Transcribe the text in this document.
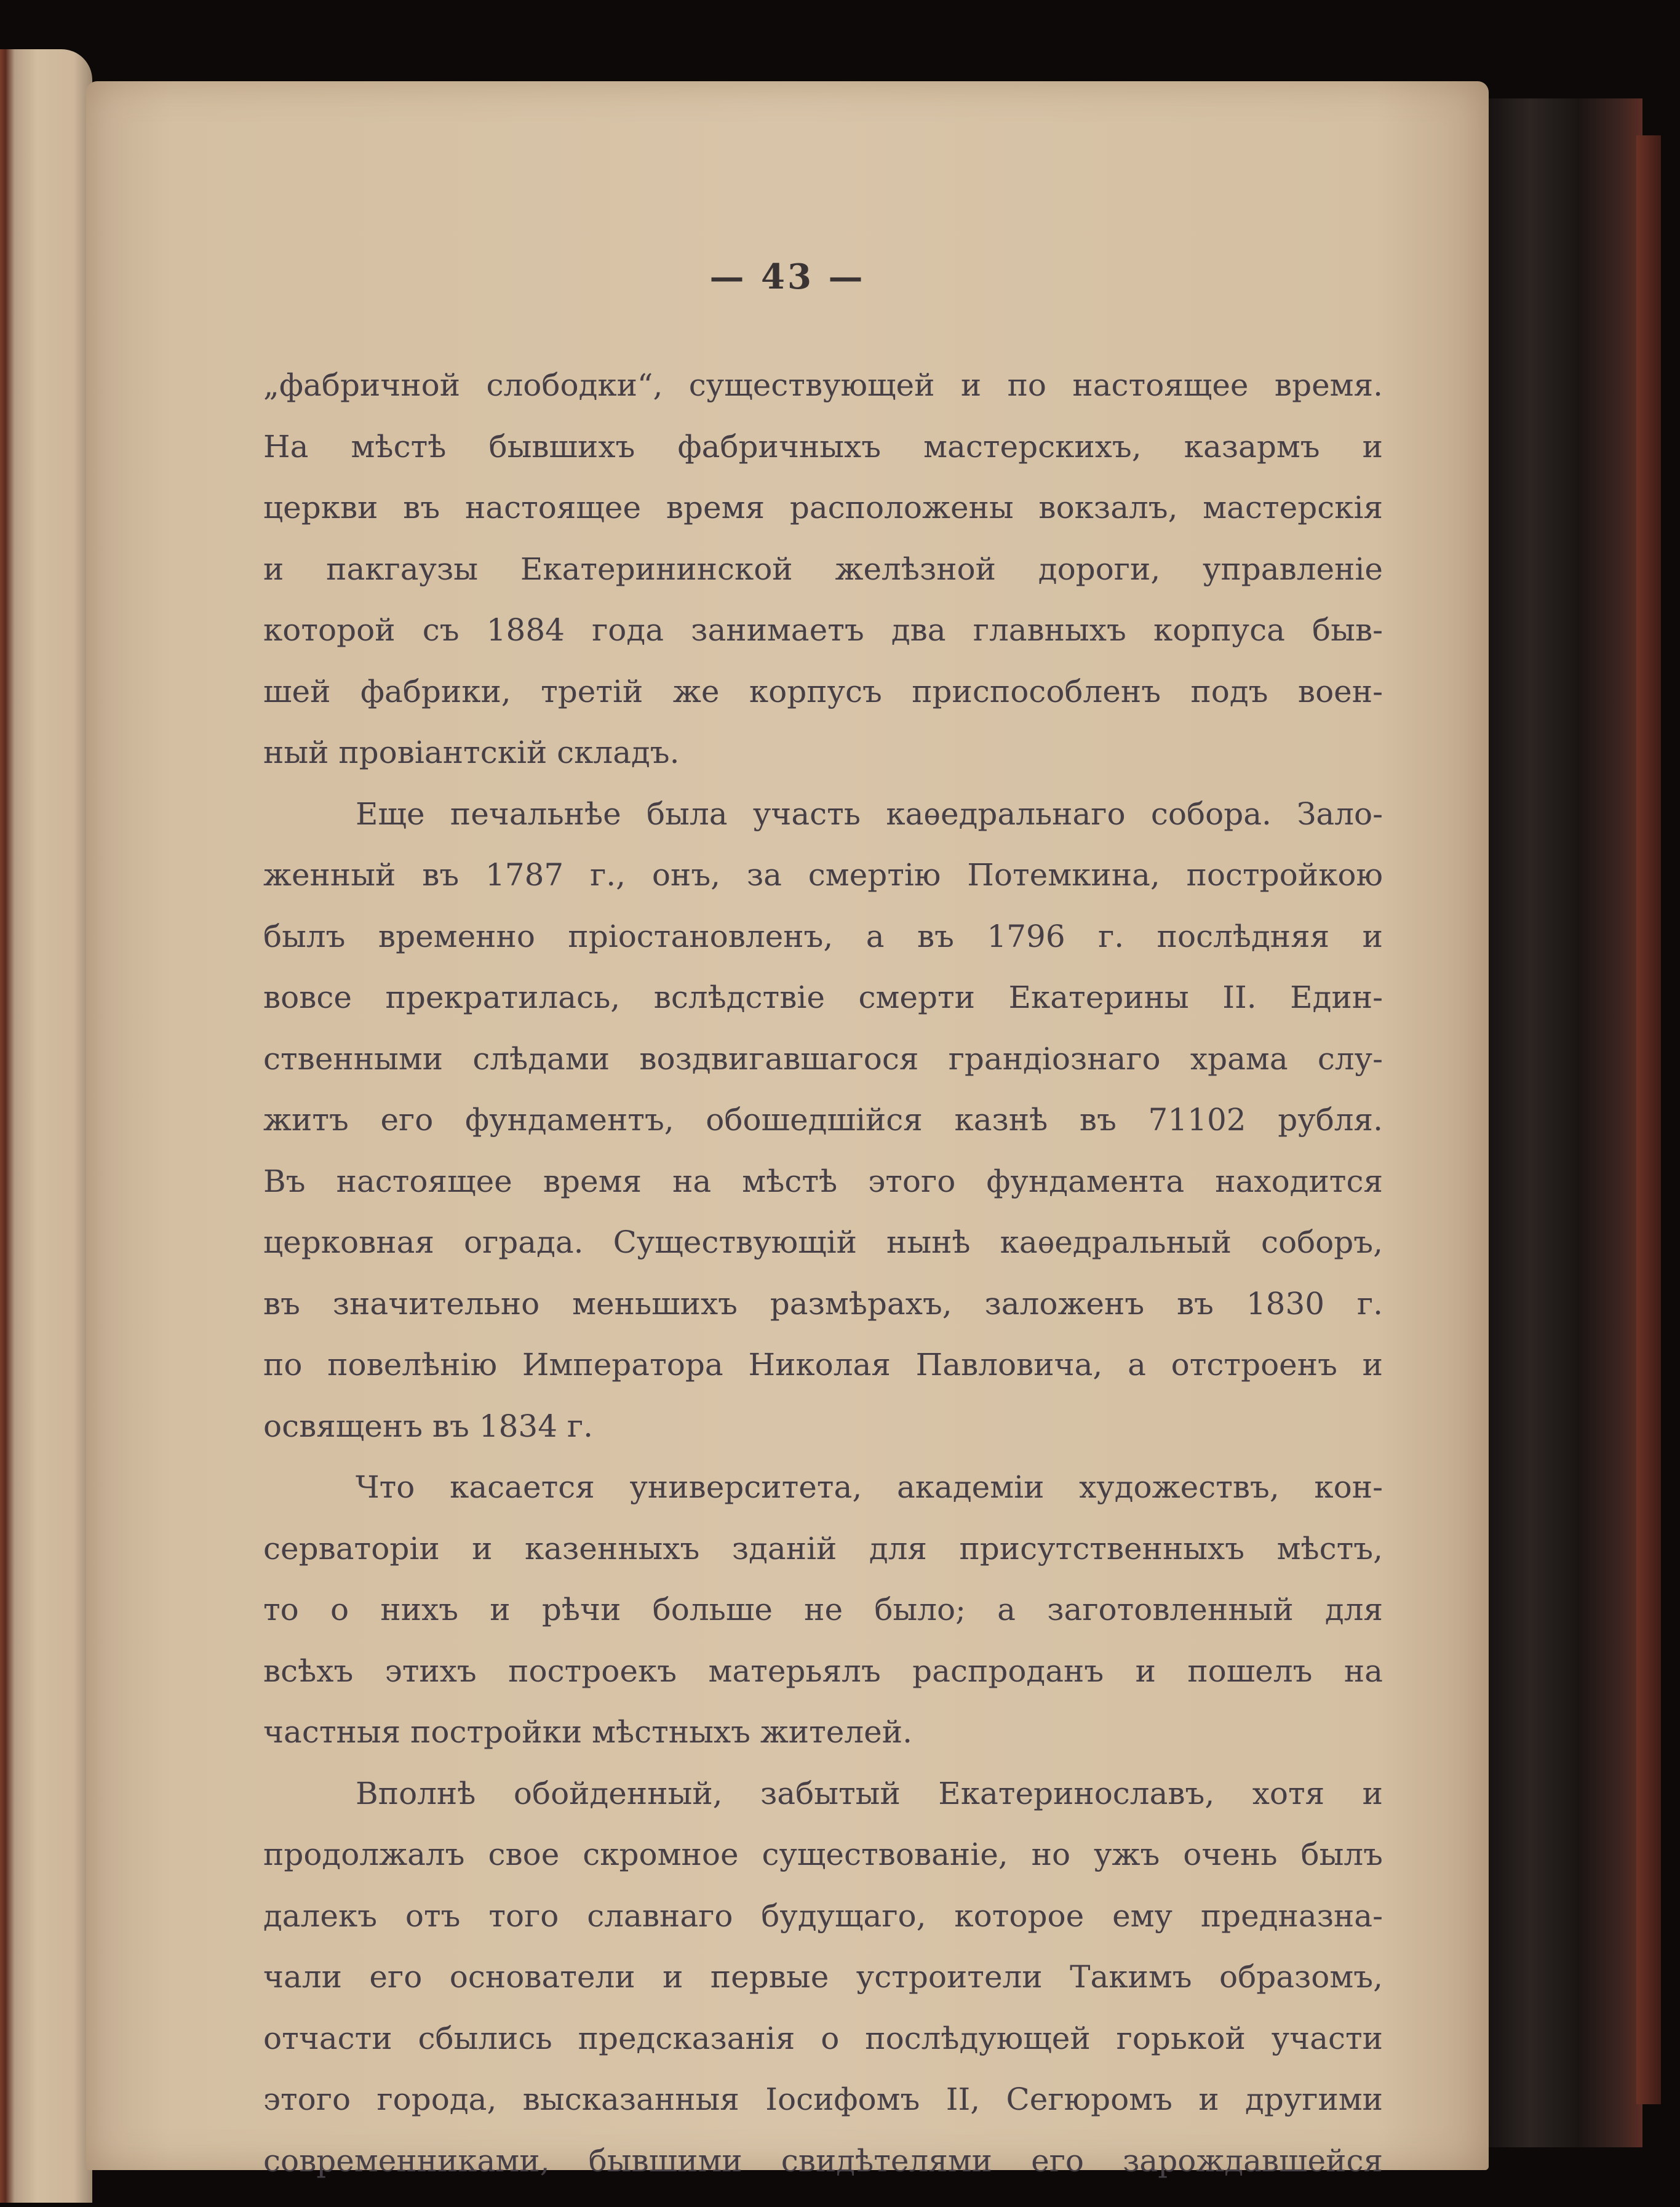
— 43 —
„фабричной слободки“, существующей и по настоящее время.
На мѣстѣ бывшихъ фабричныхъ мастерскихъ, казармъ и
церкви въ настоящее время расположены вокзалъ, мастерскія
и пакгаузы Екатерининской желѣзной дороги, управленіе
которой съ 1884 года занимаетъ два главныхъ корпуса быв-
шей фабрики, третій же корпусъ приспособленъ подъ воен-
ный провіантскій складъ.
Еще печальнѣе была участь каѳедральнаго собора. Зало-
женный въ 1787 г., онъ, за смертію Потемкина, постройкою
былъ временно пріостановленъ, а въ 1796 г. послѣдняя и
вовсе прекратилась, вслѣдствіе смерти Екатерины II. Един-
ственными слѣдами воздвигавшагося грандіознаго храма слу-
житъ его фундаментъ, обошедшійся казнѣ въ 71102 рубля.
Въ настоящее время на мѣстѣ этого фундамента находится
церковная ограда. Существующій нынѣ каѳедральный соборъ,
въ значительно меньшихъ размѣрахъ, заложенъ въ 1830 г.
по повелѣнію Императора Николая Павловича, а отстроенъ и
освященъ въ 1834 г.
Что касается университета, академіи художествъ, кон-
серваторіи и казенныхъ зданій для присутственныхъ мѣстъ,
то о нихъ и рѣчи больше не было; а заготовленный для
всѣхъ этихъ построекъ матерьялъ распроданъ и пошелъ на
частныя постройки мѣстныхъ жителей.
Вполнѣ обойденный, забытый Екатеринославъ, хотя и
продолжалъ свое скромное существованіе, но ужъ очень былъ
далекъ отъ того славнаго будущаго, которое ему предназна-
чали его основатели и первые устроители Такимъ образомъ,
отчасти сбылись предсказанія о послѣдующей горькой участи
этого города, высказанныя Іосифомъ II, Сегюромъ и другими
современниками, бывшими свидѣтелями его зарождавшейся
